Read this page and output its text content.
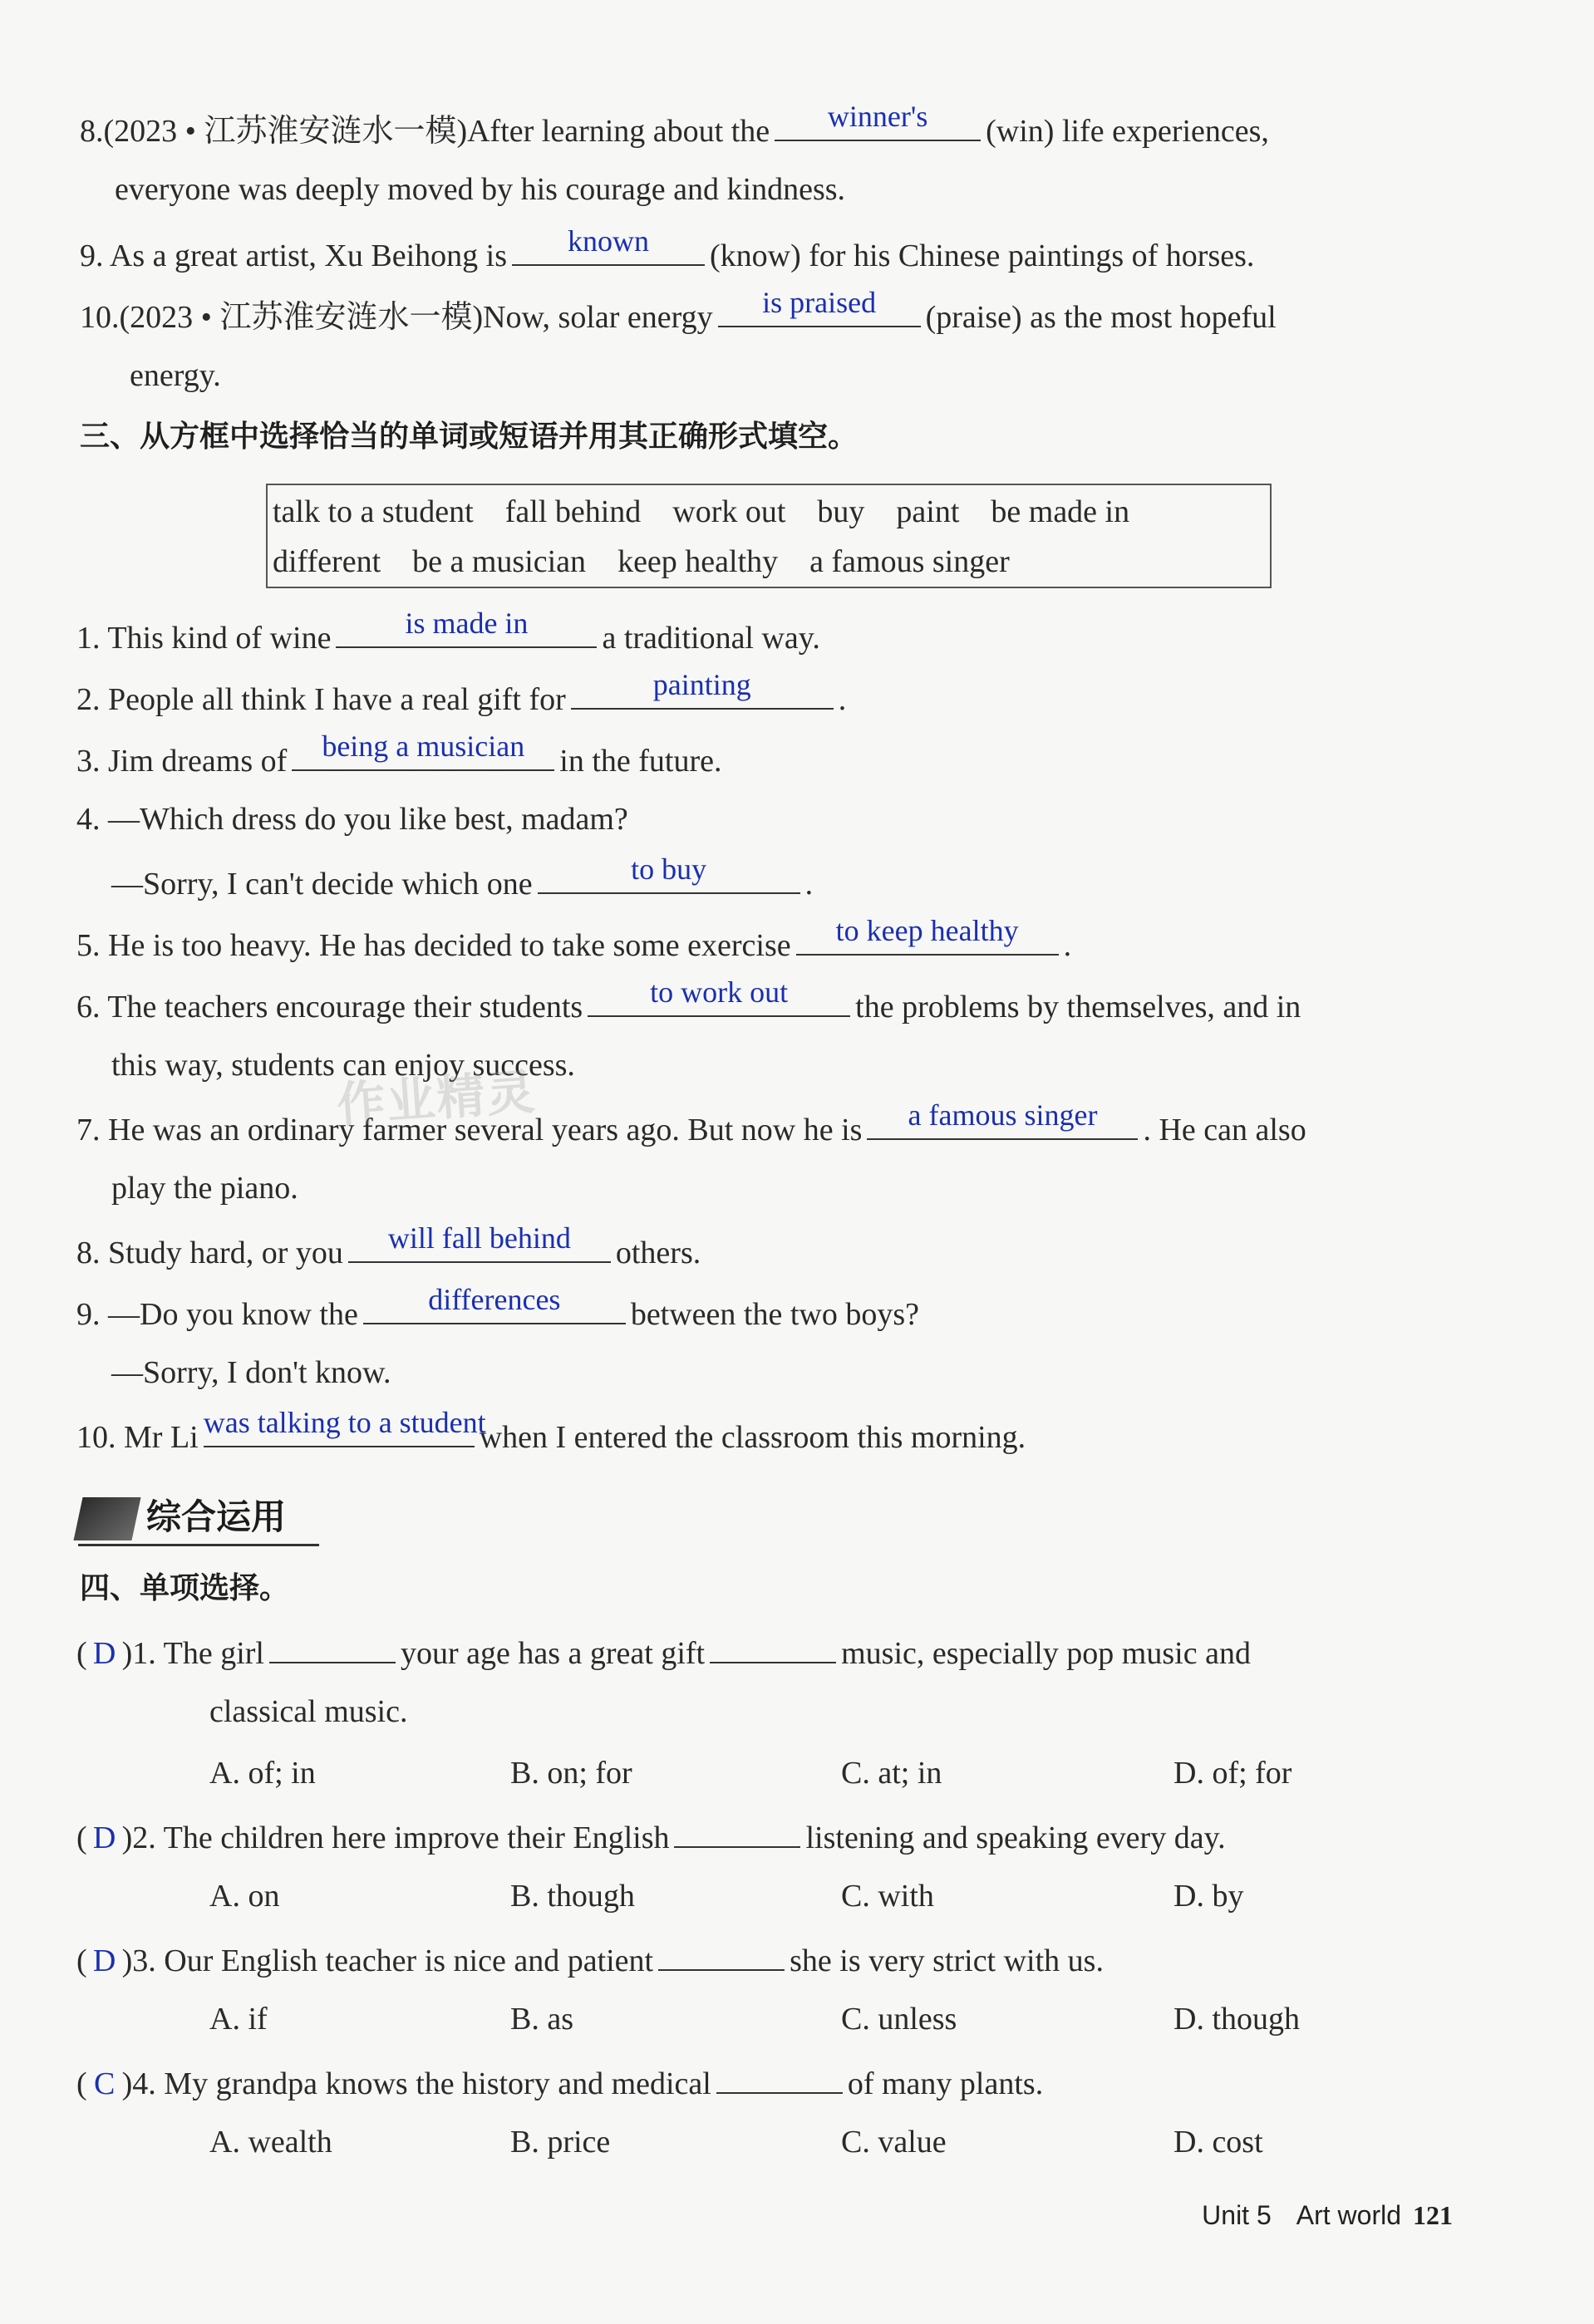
8.(2023 • 江苏淮安涟水一模)After learning about the	winner's	(win) life experiences,
everyone was deeply moved by his courage and kindness.
9. As a great artist, Xu Beihong is	known	(know) for his Chinese paintings of horses.
10.(2023 • 江苏淮安涟水一模)Now, solar energy	is praised	(praise) as the most hopeful
energy.
三、从方框中选择恰当的单词或短语并用其正确形式填空。
talk to a student fall behind work out buy paint be made in
different be a musician keep healthy a famous singer
1. This kind of wine	is made in	a traditional way.
2. People all think I have a real gift for	painting	.
3. Jim dreams of	being a musician	in the future.
4. —Which dress do you like best, madam?
—Sorry, I can't decide which one	to buy	.
5. He is too heavy. He has decided to take some exercise	to keep healthy	.
6. The teachers encourage their students	to work out	the problems by themselves, and in
this way, students can enjoy success.
7. He was an ordinary farmer several years ago. But now he is	a famous singer	. He can also
play the piano.
8. Study hard, or you	will fall behind	others.
9. —Do you know the	differences	between the two boys?
—Sorry, I don't know.
10. Mr Li was talking to a student
when I entered the classroom this morning.
综合运用
四、单项选择。
( D )1. The girl	your age has a great gift	music, especially pop music and
classical music.
A. of; in	B. on; for	C. at; in	D. of; for
( D )2. The children here improve their English	listening and speaking every day.
A. on	B. though	C. with	D. by
( D )3. Our English teacher is nice and patient	she is very strict with us.
A. if	B. as	C. unless	D. though
( C )4. My grandpa knows the history and medical	of many plants.
A. wealth	B. price	C. value	D. cost
作业精灵
Unit 5 Art world 121
